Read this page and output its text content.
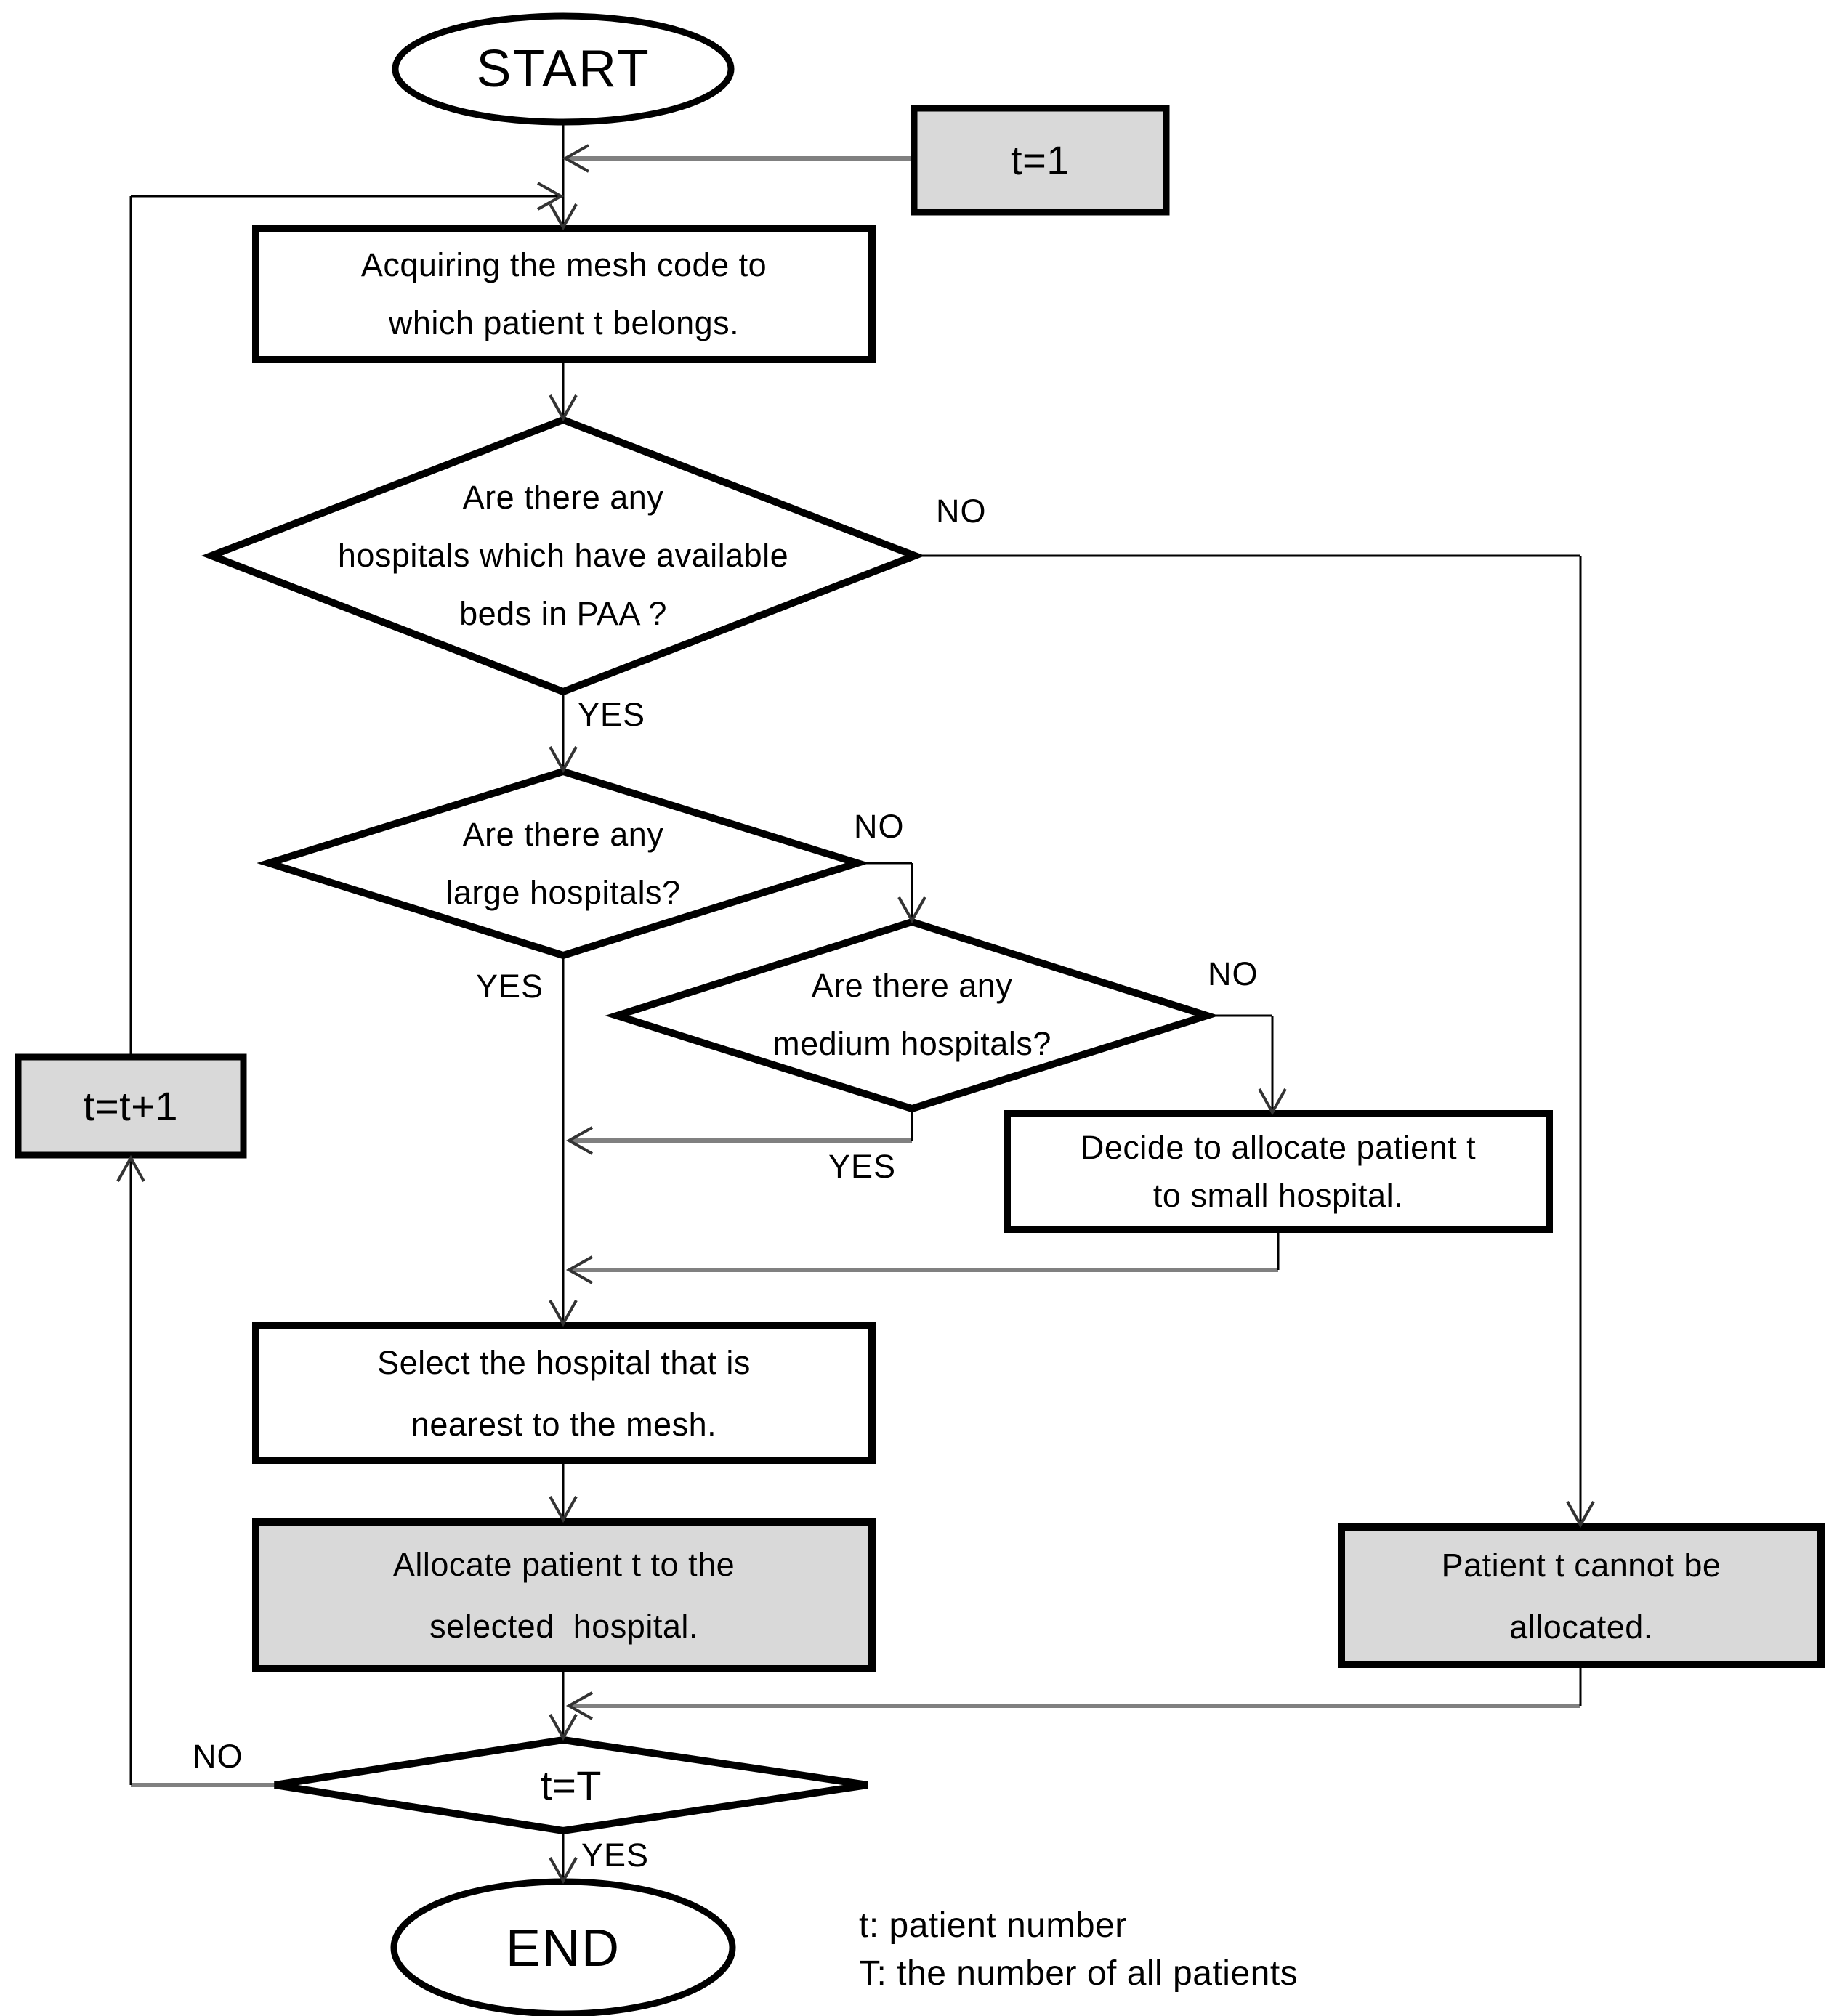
START
t=1
Acquiring the mesh code to
which patient t belongs.
Are there any
hospitals which have available
beds in PAA ?
Are there any
large hospitals?
Are there any
medium hospitals?
Decide to allocate patient t
to small hospital.
Select the hospital that is
nearest to the mesh.
Allocate patient t to the
selected  hospital.
Patient t cannot be
allocated.
t=t+1
t=T
END
YES
NO
YES
NO
YES
NO
YES
NO
t: patient number
T: the number of all patients
